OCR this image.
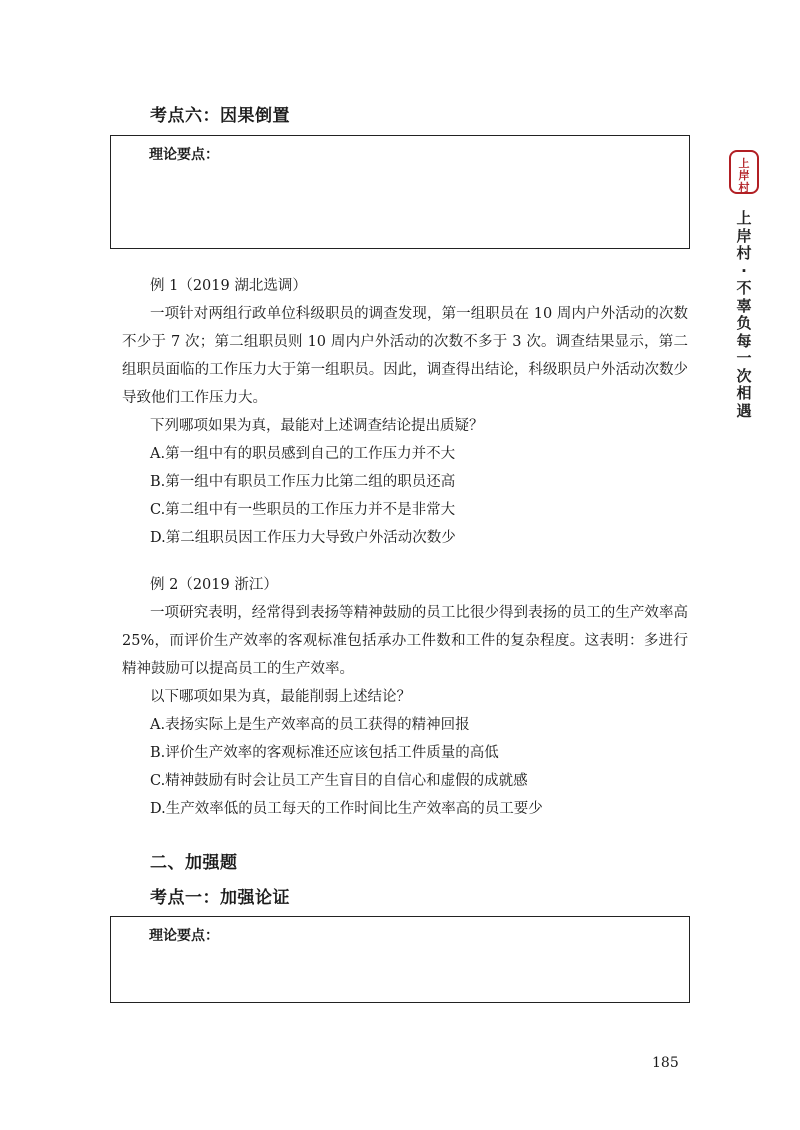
考点六：因果倒置
理论要点：
例 1（2019 湖北选调）
一项针对两组行政单位科级职员的调查发现，第一组职员在 10 周内户外活动的次数不少于 7 次；第二组职员则 10 周内户外活动的次数不多于 3 次。调查结果显示，第二组职员面临的工作压力大于第一组职员。因此，调查得出结论，科级职员户外活动次数少导致他们工作压力大。
下列哪项如果为真，最能对上述调查结论提出质疑？
A.第一组中有的职员感到自己的工作压力并不大
B.第一组中有职员工作压力比第二组的职员还高
C.第二组中有一些职员的工作压力并不是非常大
D.第二组职员因工作压力大导致户外活动次数少
例 2（2019 浙江）
一项研究表明，经常得到表扬等精神鼓励的员工比很少得到表扬的员工的生产效率高 25%，而评价生产效率的客观标准包括承办工件数和工件的复杂程度。这表明：多进行精神鼓励可以提高员工的生产效率。
以下哪项如果为真，最能削弱上述结论？
A.表扬实际上是生产效率高的员工获得的精神回报
B.评价生产效率的客观标准还应该包括工件质量的高低
C.精神鼓励有时会让员工产生盲目的自信心和虚假的成就感
D.生产效率低的员工每天的工作时间比生产效率高的员工要少
二、加强题
考点一：加强论证
理论要点：
上
岸
村
上
岸
村
·
不
辜
负
每
一
次
相
遇
185
